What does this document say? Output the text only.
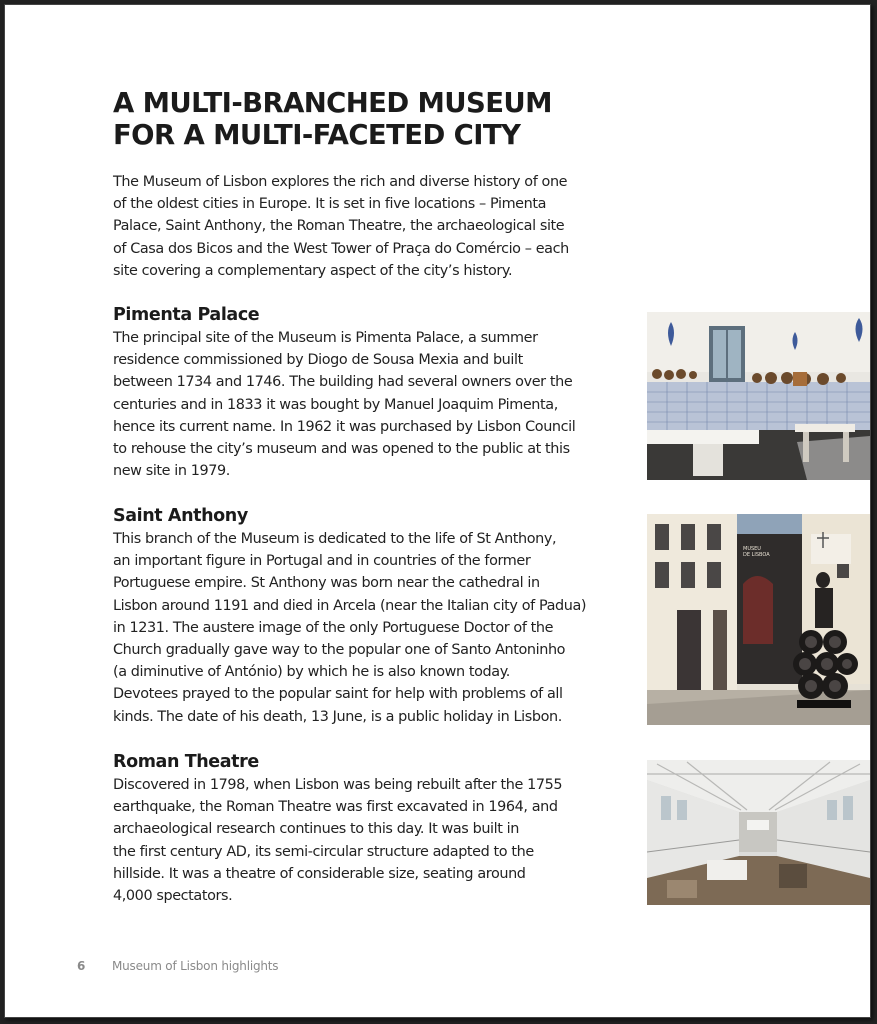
A MULTI-BRANCHED MUSEUM
FOR A MULTI-FACETED CITY

The Museum of Lisbon explores the rich and diverse history of one
of the oldest cities in Europe. It is set in five locations – Pimenta
Palace, Saint Anthony, the Roman Theatre, the archaeological site
of Casa dos Bicos and the West Tower of Praça do Comércio – each
site covering a complementary aspect of the city’s history.

Pimenta Palace

The principal site of the Museum is Pimenta Palace, a summer
residence commissioned by Diogo de Sousa Mexia and built
between 1734 and 1746. The building had several owners over the
centuries and in 1833 it was bought by Manuel Joaquim Pimenta,
hence its current name. In 1962 it was purchased by Lisbon Council
to rehouse the city’s museum and was opened to the public at this
new site in 1979.

Saint Anthony

This branch of the Museum is dedicated to the life of St Anthony,
an important figure in Portugal and in countries of the former
Portuguese empire. St Anthony was born near the cathedral in
Lisbon around 1191 and died in Arcela (near the Italian city of Padua)
in 1231. The austere image of the only Portuguese Doctor of the
Church gradually gave way to the popular one of Santo Antoninho
(a diminutive of António) by which he is also known today.
Devotees prayed to the popular saint for help with problems of all
kinds. The date of his death, 13 June, is a public holiday in Lisbon.

Roman Theatre

Discovered in 1798, when Lisbon was being rebuilt after the 1755
earthquake, the Roman Theatre was first excavated in 1964, and
archaeological research continues to this day. It was built in
the first century AD, its semi-circular structure adapted to the
hillside. It was a theatre of considerable size, seating around
4,000 spectators.

MUSEU
DE LISBOA
6 Museum of Lisbon highlights
